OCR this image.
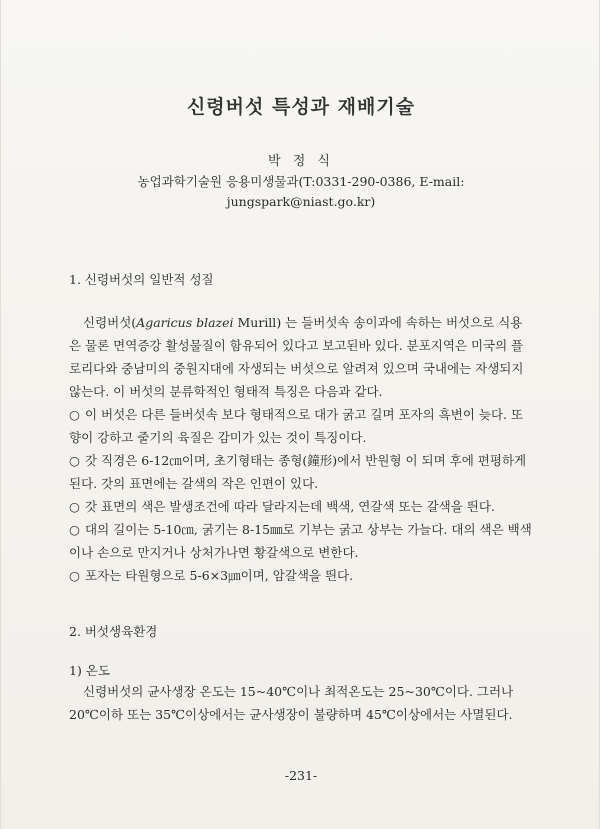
신령버섯 특성과 재배기술
박 정 식
농업과학기술원 응용미생물과(T:0331-290-0386, E-mail:
jungspark@niast.go.kr)
1. 신령버섯의 일반적 성질

신령버섯(Agaricus blazei Murill) 는 들버섯속 송이과에 속하는 버섯으로 식용은 물론 면역증강 활성물질이 함유되어 있다고 보고된바 있다. 분포지역은 미국의 플로리다와 중남미의 중원지대에 자생되는 버섯으로 알려져 있으며 국내에는 자생되지 않는다. 이 버섯의 분류학적인 형태적 특징은 다음과 같다.

○ 이 버섯은 다른 들버섯속 보다 형태적으로 대가 굵고 길며 포자의 흑변이 늦다. 또 향이 강하고 줄기의 육질은 감미가 있는 것이 특징이다.

○ 갓 직경은 6-12㎝이며, 초기형태는 종형(鐘形)에서 반원형 이 되며 후에 편평하게 된다. 갓의 표면에는 갈색의 작은 인편이 있다.

○ 갓 표면의 색은 발생조건에 따라 달라지는데 백색, 연갈색 또는 갈색을 띈다.

○ 대의 길이는 5-10㎝, 굵기는 8-15㎜로 기부는 굵고 상부는 가늘다. 대의 색은 백색이나 손으로 만지거나 상처가나면 황갈색으로 변한다.

○ 포자는 타원형으로 5-6×3㎛이며, 암갈색을 띈다.

2. 버섯생육환경
1) 온도

신령버섯의 균사생장 온도는 15~40℃이나 최적온도는 25~30℃이다. 그러나 20℃이하 또는 35℃이상에서는 균사생장이 불량하며 45℃이상에서는 사멸된다.

-231-
